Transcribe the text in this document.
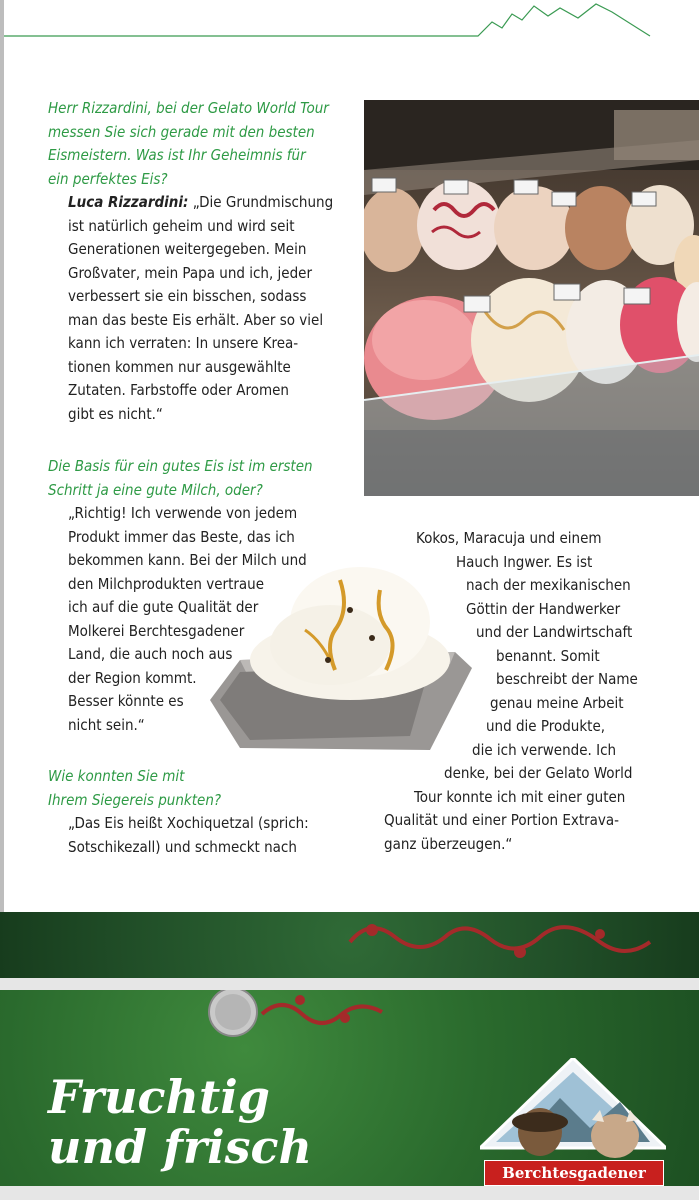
Herr Rizzardini, bei der Gelato World Tour
messen Sie sich gerade mit den besten
Eismeistern. Was ist Ihr Geheimnis für
ein perfektes Eis?

Luca Rizzardini: „Die Grundmischung

ist natürlich geheim und wird seit
Generationen weitergegeben. Mein
Großvater, mein Papa und ich, jeder
verbessert sie ein bisschen, sodass
man das beste Eis erhält. Aber so viel
kann ich verraten: In unsere Krea-
tionen kommen nur ausgewählte
Zutaten. Farbstoffe oder Aromen
gibt es nicht.“

Die Basis für ein gutes Eis ist im ersten
Schritt ja eine gute Milch, oder?

„Richtig! Ich verwende von jedem
Produkt immer das Beste, das ich
bekommen kann. Bei der Milch und
den Milchprodukten vertraue
ich auf die gute Qualität der
Molkerei Berchtesgadener
Land, die auch noch aus
der Region kommt.
Besser könnte es
nicht sein.“

Wie konnten Sie mit
Ihrem Siegereis punkten?

„Das Eis heißt Xochiquetzal (sprich:
Sotschikezall) und schmeckt nach

Kokos, Maracuja und einem

Hauch Ingwer. Es ist

nach der mexikanischen

Göttin der Handwerker

und der Landwirtschaft

benannt. Somit

beschreibt der Name

genau meine Arbeit

und die Produkte,

die ich verwende. Ich

denke, bei der Gelato World

Tour konnte ich mit einer guten

Qualität und einer Portion Extrava-

ganz überzeugen.“

Fruchtig
und frisch	Berchtesgadener
